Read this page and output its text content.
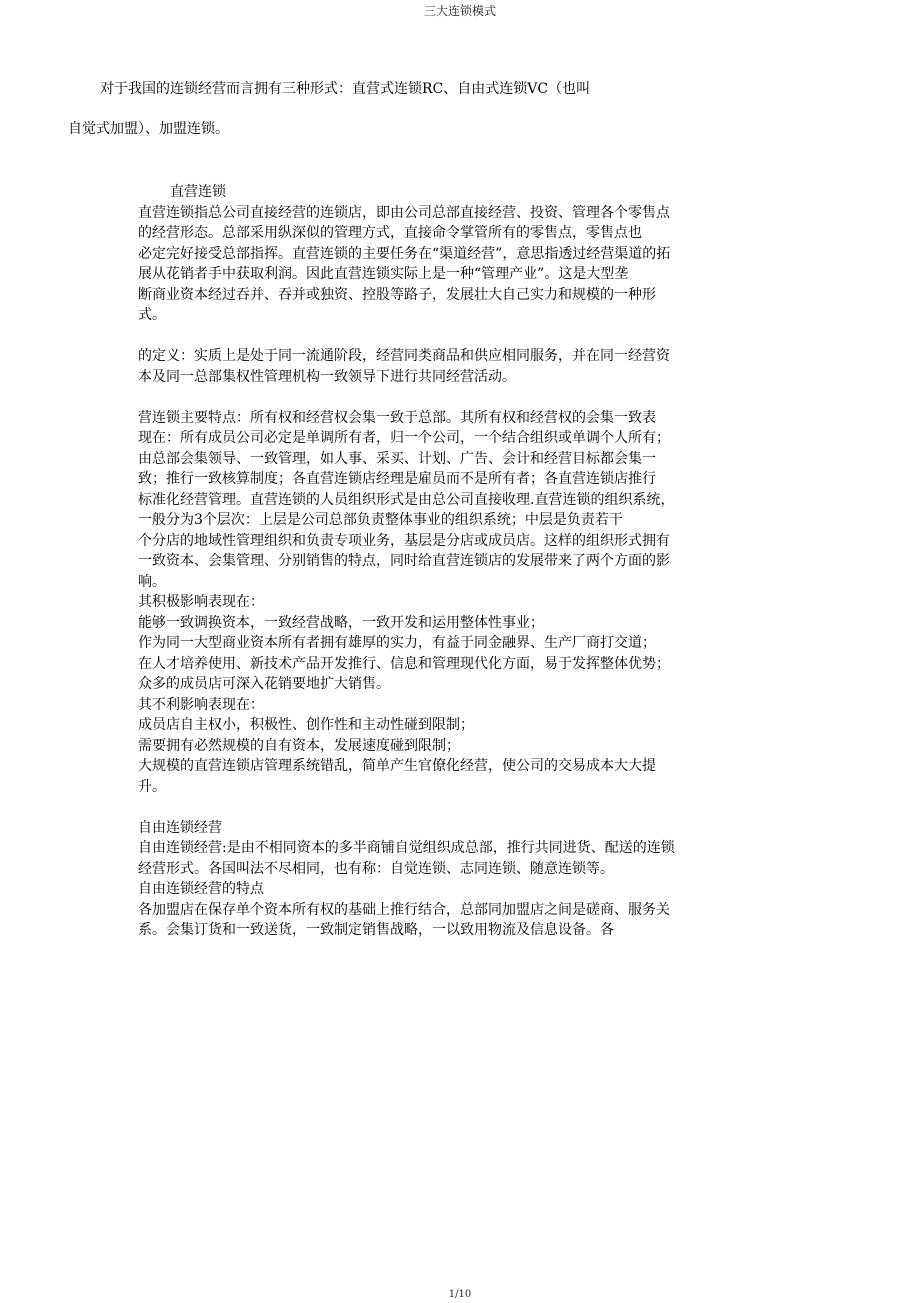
三大连锁模式
对于我国的连锁经营而言拥有三种形式：直营式连锁RC、自由式连锁VC（也叫
自觉式加盟）、加盟连锁。

直营连锁

直营连锁指总公司直接经营的连锁店，即由公司总部直接经营、投资、管理各个零售点的经营形态。总部采用纵深似的管理方式，直接命令掌管所有的零售点，零售点也

必定完好接受总部指挥。直营连锁的主要任务在“渠道经营”，意思指透过经营渠道的拓展从花销者手中获取利润。因此直营连锁实际上是一种“管理产业”。这是大型垄

断商业资本经过吞并、吞并或独资、控股等路子，发展壮大自己实力和规模的一种形式。

的定义：实质上是处于同一流通阶段，经营同类商品和供应相同服务，并在同一经营资本及同一总部集权性管理机构一致领导下进行共同经营活动。

营连锁主要特点：所有权和经营权会集一致于总部。其所有权和经营权的会集一致表

现在：所有成员公司必定是单调所有者，归一个公司，一个结合组织或单调个人所有；

由总部会集领导、一致管理，如人事、采买、计划、广告、会计和经营目标都会集一致；推行一致核算制度；各直营连锁店经理是雇员而不是所有者；各直营连锁店推行

标准化经营管理。直营连锁的人员组织形式是由总公司直接收理.直营连锁的组织系统，一般分为3个层次：上层是公司总部负责整体事业的组织系统；中层是负责若干

个分店的地域性管理组织和负责专项业务，基层是分店或成员店。这样的组织形式拥有一致资本、会集管理、分别销售的特点，同时给直营连锁店的发展带来了两个方面的影响。

其积极影响表现在：

能够一致调换资本，一致经营战略，一致开发和运用整体性事业；

作为同一大型商业资本所有者拥有雄厚的实力，有益于同金融界、生产厂商打交道；

在人才培养使用、新技术产品开发推行、信息和管理现代化方面，易于发挥整体优势；

众多的成员店可深入花销要地扩大销售。

其不利影响表现在：

成员店自主权小，积极性、创作性和主动性碰到限制；

需要拥有必然规模的自有资本，发展速度碰到限制；

大规模的直营连锁店管理系统错乱，简单产生官僚化经营，使公司的交易成本大大提升。

自由连锁经营

自由连锁经营:是由不相同资本的多半商铺自觉组织成总部，推行共同进货、配送的连锁经营形式。各国叫法不尽相同，也有称：自觉连锁、志同连锁、随意连锁等。

自由连锁经营的特点

各加盟店在保存单个资本所有权的基础上推行结合，总部同加盟店之间是磋商、服务关系。会集订货和一致送货，一致制定销售战略，一以致用物流及信息设备。各

1/10
